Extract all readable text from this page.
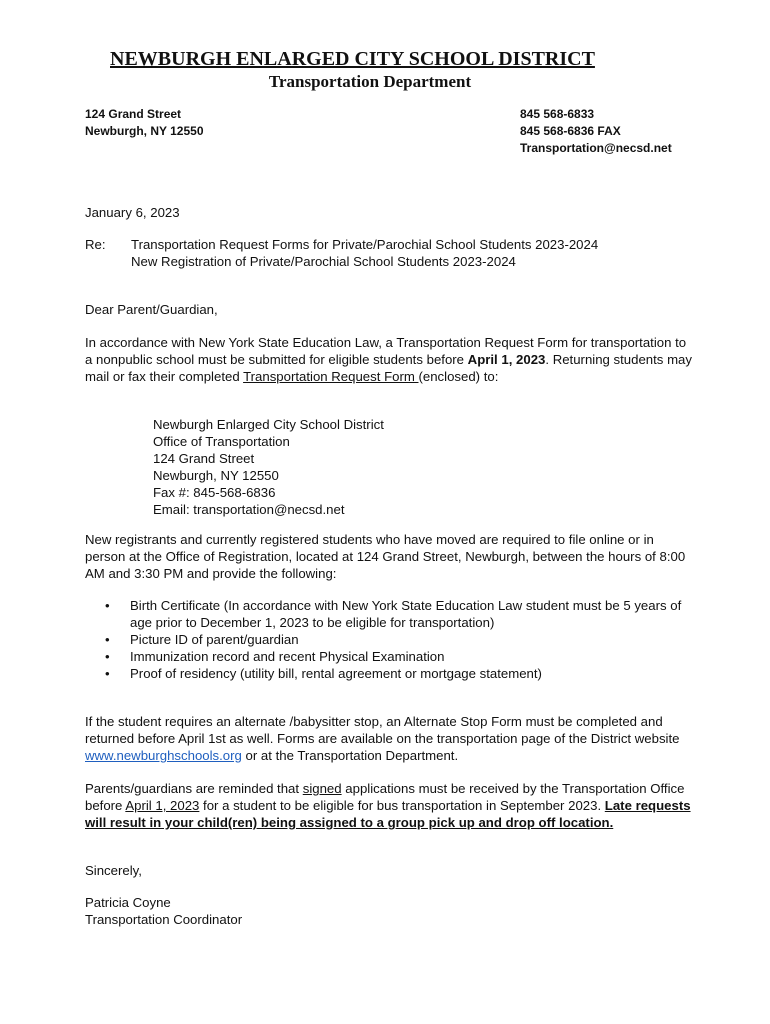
NEWBURGH ENLARGED CITY SCHOOL DISTRICT
Transportation Department
124 Grand Street
Newburgh, NY 12550
845 568-6833
845 568-6836 FAX
Transportation@necsd.net
January 6, 2023
Re: Transportation Request Forms for Private/Parochial School Students 2023-2024
New Registration of Private/Parochial School Students 2023-2024
Dear Parent/Guardian,
In accordance with New York State Education Law, a Transportation Request Form for transportation to a nonpublic school must be submitted for eligible students before April 1, 2023. Returning students may mail or fax their completed Transportation Request Form (enclosed) to:
Newburgh Enlarged City School District
Office of Transportation
124 Grand Street
Newburgh, NY 12550
Fax #: 845-568-6836
Email: transportation@necsd.net
New registrants and currently registered students who have moved are required to file online or in person at the Office of Registration, located at 124 Grand Street, Newburgh, between the hours of 8:00 AM and 3:30 PM and provide the following:
• Birth Certificate (In accordance with New York State Education Law student must be 5 years of age prior to December 1, 2023 to be eligible for transportation)
• Picture ID of parent/guardian
• Immunization record and recent Physical Examination
• Proof of residency (utility bill, rental agreement or mortgage statement)
If the student requires an alternate /babysitter stop, an Alternate Stop Form must be completed and returned before April 1st as well. Forms are available on the transportation page of the District website www.newburghschools.org or at the Transportation Department.
Parents/guardians are reminded that signed applications must be received by the Transportation Office before April 1, 2023 for a student to be eligible for bus transportation in September 2023. Late requests will result in your child(ren) being assigned to a group pick up and drop off location.
Sincerely,
Patricia Coyne
Transportation Coordinator
